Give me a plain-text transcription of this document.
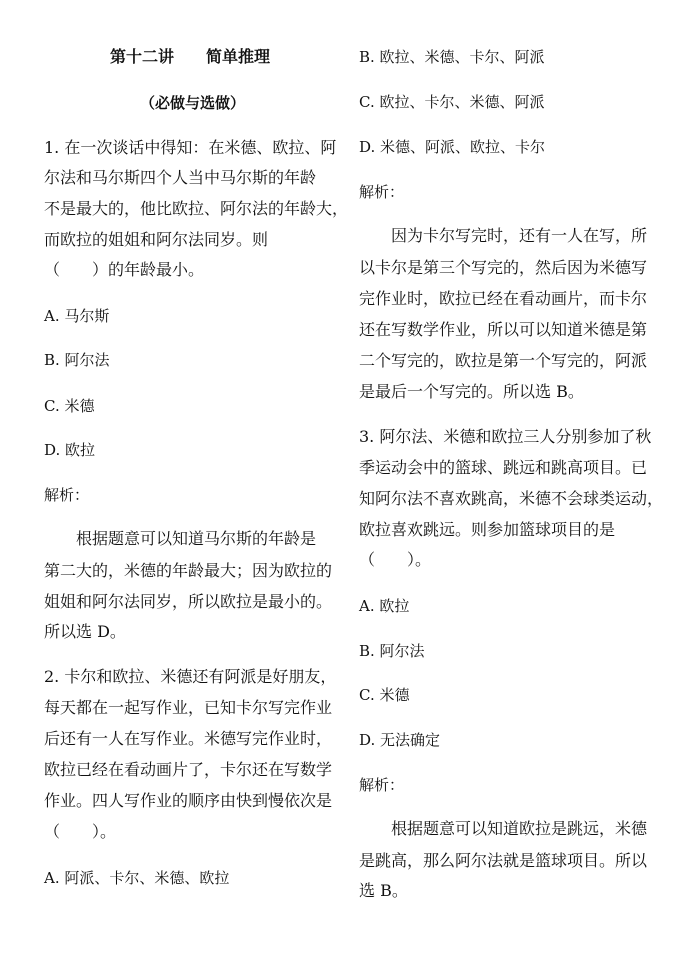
第十二讲　　简单推理
（必做与选做）
1. 在一次谈话中得知：在米德、欧拉、阿
尔法和马尔斯四个人当中马尔斯的年龄
不是最大的，他比欧拉、阿尔法的年龄大，
而欧拉的姐姐和阿尔法同岁。则
（　　）的年龄最小。
A. 马尔斯
B. 阿尔法
C. 米德
D. 欧拉
解析：
根据题意可以知道马尔斯的年龄是
第二大的，米德的年龄最大；因为欧拉的
姐姐和阿尔法同岁，所以欧拉是最小的。
所以选 D。
2. 卡尔和欧拉、米德还有阿派是好朋友，
每天都在一起写作业，已知卡尔写完作业
后还有一人在写作业。米德写完作业时，
欧拉已经在看动画片了，卡尔还在写数学
作业。四人写作业的顺序由快到慢依次是
（　　）。
A. 阿派、卡尔、米德、欧拉
B. 欧拉、米德、卡尔、阿派
C. 欧拉、卡尔、米德、阿派
D. 米德、阿派、欧拉、卡尔
解析：
因为卡尔写完时，还有一人在写，所
以卡尔是第三个写完的，然后因为米德写
完作业时，欧拉已经在看动画片，而卡尔
还在写数学作业，所以可以知道米德是第
二个写完的，欧拉是第一个写完的，阿派
是最后一个写完的。所以选 B。
3. 阿尔法、米德和欧拉三人分别参加了秋
季运动会中的篮球、跳远和跳高项目。已
知阿尔法不喜欢跳高，米德不会球类运动，
欧拉喜欢跳远。则参加篮球项目的是
（　　）。
A. 欧拉
B. 阿尔法
C. 米德
D. 无法确定
解析：
根据题意可以知道欧拉是跳远，米德
是跳高，那么阿尔法就是篮球项目。所以
选 B。
